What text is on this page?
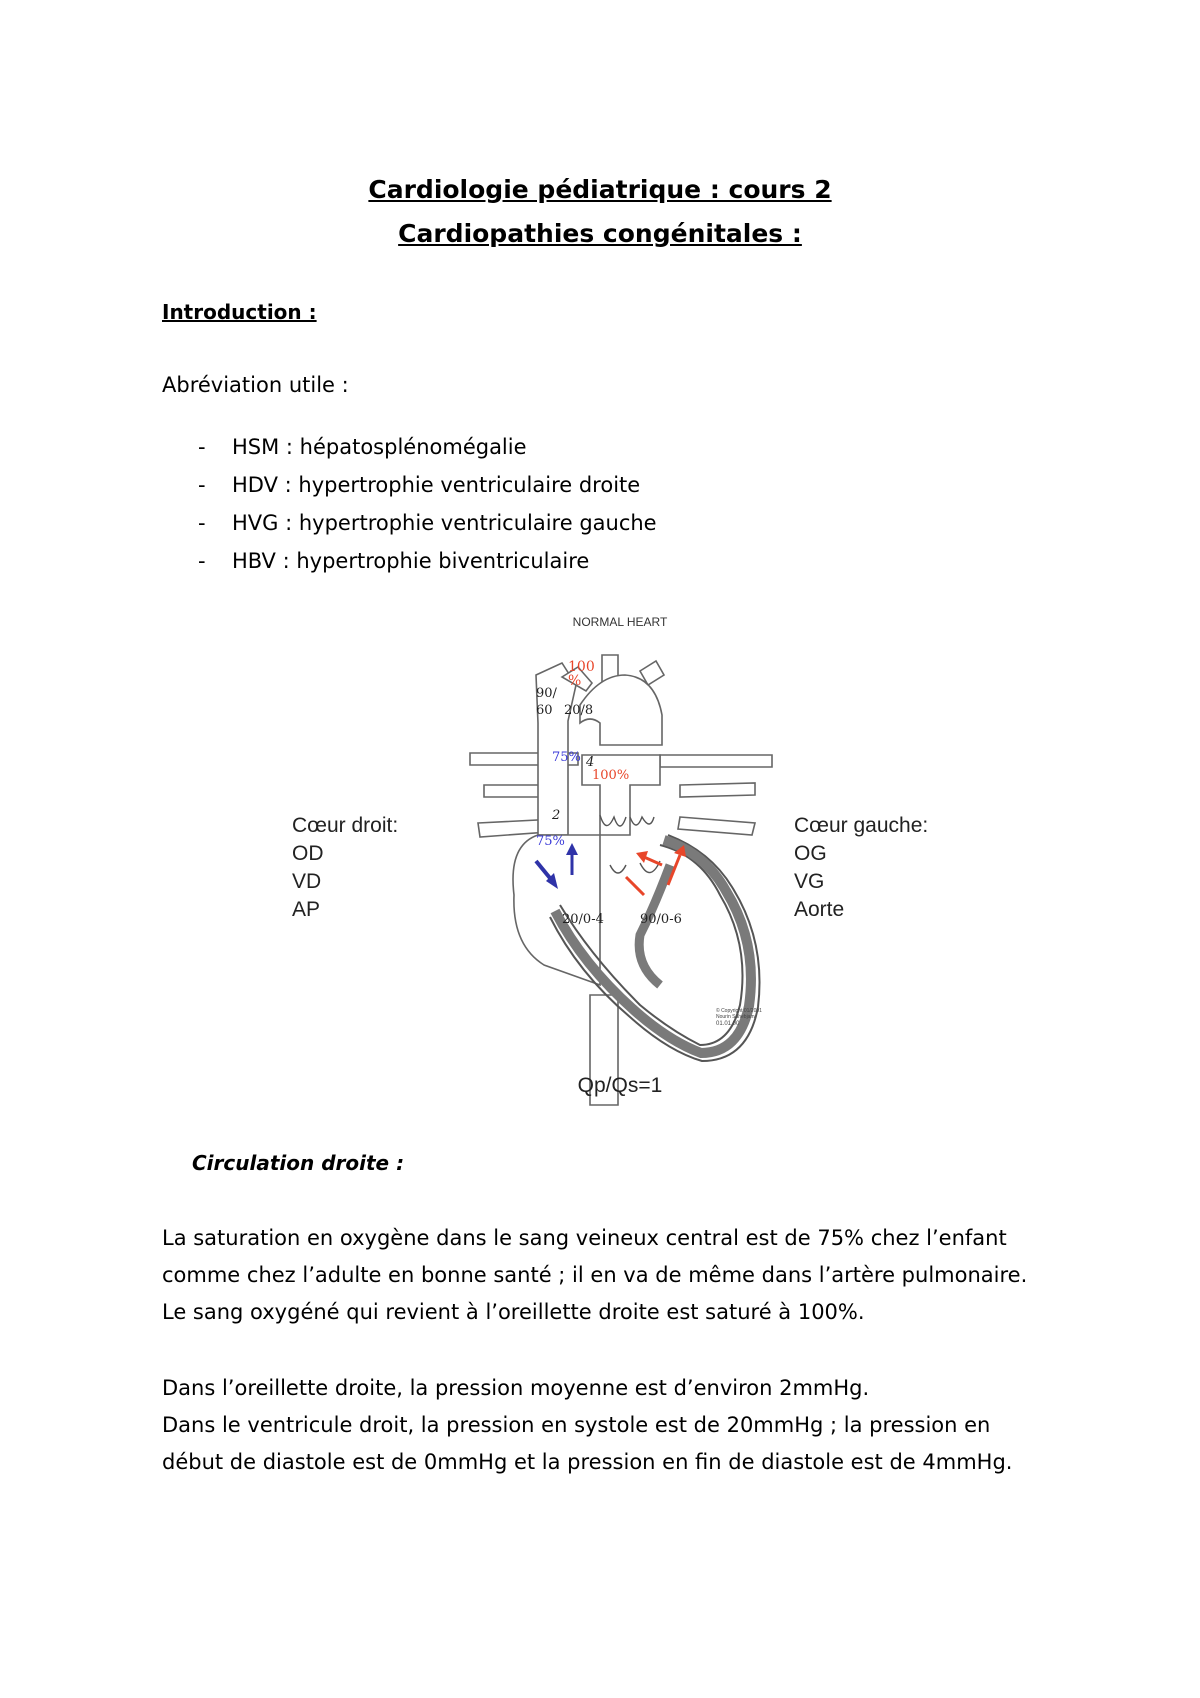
Cardiologie pédiatrique : cours 2
Cardiopathies congénitales :
Introduction :
Abréviation utile :
- HSM : hépatosplénomégalie
- HDV : hypertrophie ventriculaire droite
- HVG : hypertrophie ventriculaire gauche
- HBV : hypertrophie biventriculaire
NORMAL HEART
100
%
90/
60 20/8
75% 4
100%
2
75%
20/0-4	90/0-6
Cœur droit:
OD
VD
AP
Cœur gauche:
OG
VG
Aorte
© Copyright 01/2001
Nourin Sahebjam
01.01.00
Qp/Qs=1
Circulation droite :
La saturation en oxygène dans le sang veineux central est de 75% chez l’enfant
comme chez l’adulte en bonne santé ; il en va de même dans l’artère pulmonaire.
Le sang oxygéné qui revient à l’oreillette droite est saturé à 100%.
Dans l’oreillette droite, la pression moyenne est d’environ 2mmHg.
Dans le ventricule droit, la pression en systole est de 20mmHg ; la pression en
début de diastole est de 0mmHg et la pression en fin de diastole est de 4mmHg.
